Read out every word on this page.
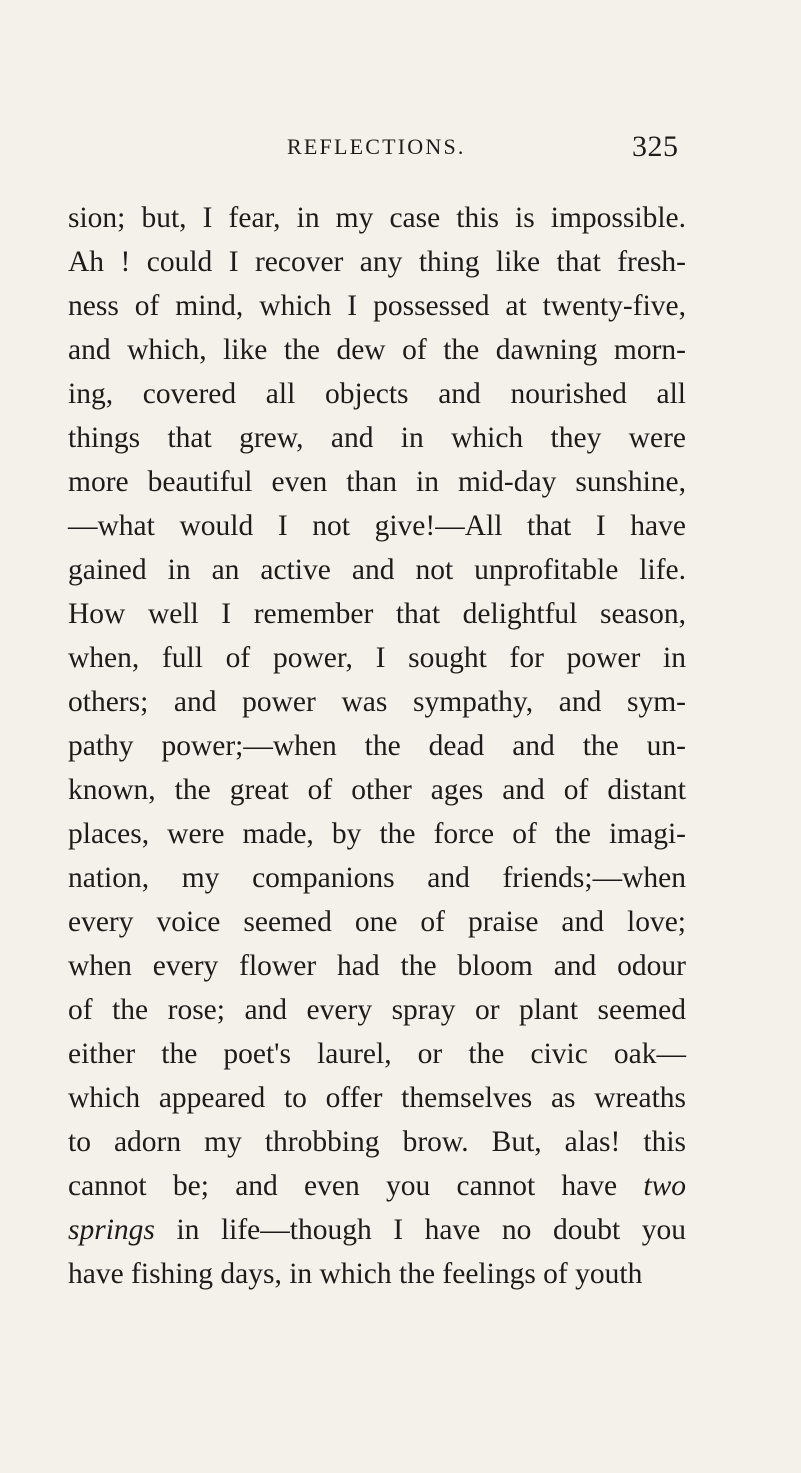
REFLECTIONS.	325
sion; but, I fear, in my case this is impossible.
Ah ! could I recover any thing like that fresh-
ness of mind, which I possessed at twenty-five,
and which, like the dew of the dawning morn-
ing, covered all objects and nourished all
things that grew, and in which they were
more beautiful even than in mid-day sunshine,
—what would I not give!—All that I have
gained in an active and not unprofitable life.
How well I remember that delightful season,
when, full of power, I sought for power in
others; and power was sympathy, and sym-
pathy power;—when the dead and the un-
known, the great of other ages and of distant
places, were made, by the force of the imagi-
nation, my companions and friends;—when
every voice seemed one of praise and love;
when every flower had the bloom and odour
of the rose; and every spray or plant seemed
either the poet's laurel, or the civic oak—
which appeared to offer themselves as wreaths
to adorn my throbbing brow. But, alas! this
cannot be; and even you cannot have two
springs in life—though I have no doubt you
have fishing days, in which the feelings of youth
